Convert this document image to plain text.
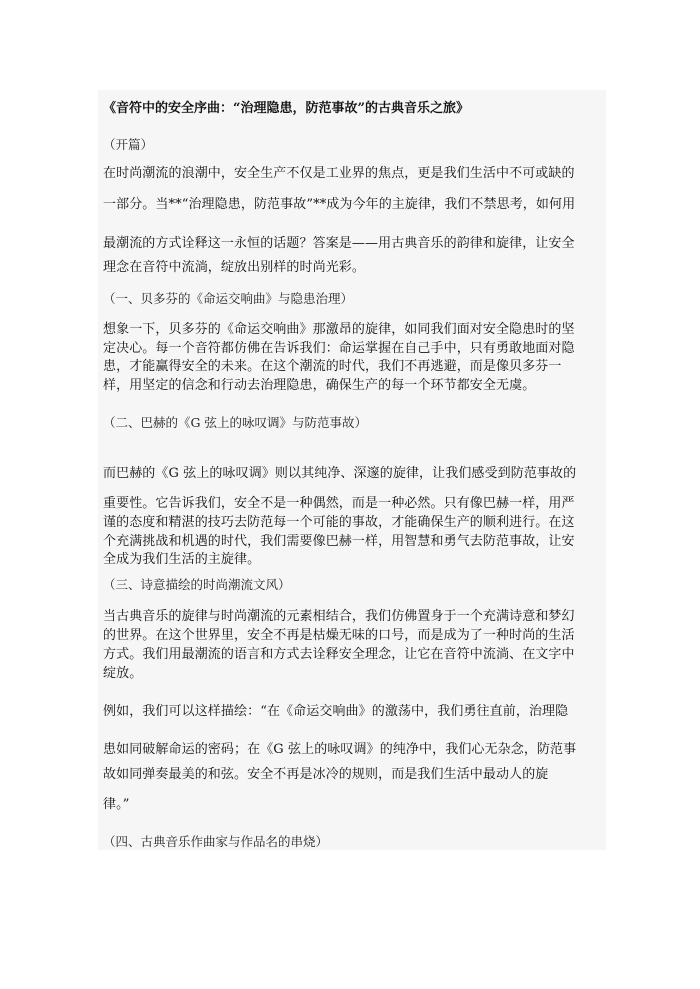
《音符中的安全序曲：“治理隐患，防范事故”的古典音乐之旅》
（开篇）
在时尚潮流的浪潮中，安全生产不仅是工业界的焦点，更是我们生活中不可或缺的
一部分。当**“治理隐患，防范事故”**成为今年的主旋律，我们不禁思考，如何用
最潮流的方式诠释这一永恒的话题？答案是——用古典音乐的韵律和旋律，让安全
理念在音符中流淌，绽放出别样的时尚光彩。
（一、贝多芬的《命运交响曲》与隐患治理）
想象一下，贝多芬的《命运交响曲》那激昂的旋律，如同我们面对安全隐患时的坚
定决心。每一个音符都仿佛在告诉我们：命运掌握在自己手中，只有勇敢地面对隐
患，才能赢得安全的未来。在这个潮流的时代，我们不再逃避，而是像贝多芬一
样，用坚定的信念和行动去治理隐患，确保生产的每一个环节都安全无虞。
（二、巴赫的《G 弦上的咏叹调》与防范事故）
而巴赫的《G 弦上的咏叹调》则以其纯净、深邃的旋律，让我们感受到防范事故的
重要性。它告诉我们，安全不是一种偶然，而是一种必然。只有像巴赫一样，用严
谨的态度和精湛的技巧去防范每一个可能的事故，才能确保生产的顺利进行。在这
个充满挑战和机遇的时代，我们需要像巴赫一样，用智慧和勇气去防范事故，让安
全成为我们生活的主旋律。
（三、诗意描绘的时尚潮流文风）
当古典音乐的旋律与时尚潮流的元素相结合，我们仿佛置身于一个充满诗意和梦幻
的世界。在这个世界里，安全不再是枯燥无味的口号，而是成为了一种时尚的生活
方式。我们用最潮流的语言和方式去诠释安全理念，让它在音符中流淌、在文字中
绽放。
例如，我们可以这样描绘：“在《命运交响曲》的激荡中，我们勇往直前，治理隐
患如同破解命运的密码；在《G 弦上的咏叹调》的纯净中，我们心无杂念，防范事
故如同弹奏最美的和弦。安全不再是冰冷的规则，而是我们生活中最动人的旋
律。”
（四、古典音乐作曲家与作品名的串烧）
